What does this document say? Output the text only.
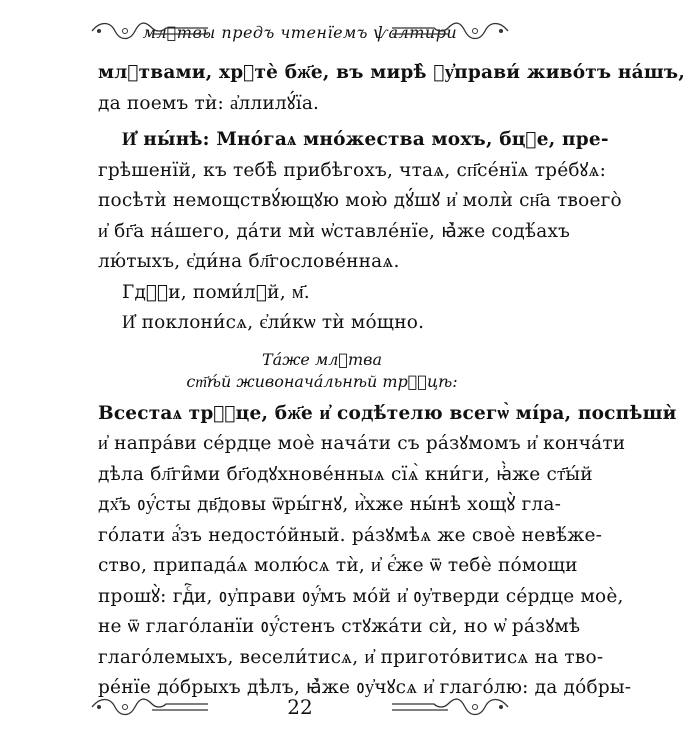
млⷮтвы предъ чтенїемъ ѱалтири
млⷮтвами, хрⷮтѐ бж҃е, въ мирѣ̀ ᲂу҆прави́ живо́тъ на́шъ,
да поемъ тѝ: а҆ллилꙋ́їа.
И҆ ны́нѣ: Мно́гаѧ мно́жества мохъ, бцⷣе, пре-
грѣшенїй, къ тебѣ̀ прибѣгохъ, чтаѧ, сп҃се́нїѧ тре́бꙋѧ:
посѣтѝ немощствꙋ́ющꙋю мою̀ дꙋ́шꙋ и҆ молѝ сн҃а твоего̀
и҆ бг҃а на́шего, да́ти мѝ ѡ҆ставле́нїе, ꙗ҆̀же содѣ́ахъ
лю́тыхъ, є҆ди́на бл҃гослове́ннаѧ.
Гдⷭ҇и, поми́лꙋй, м҃.
И҆ поклони́сѧ, є҆ли́кѡ тѝ мо́щно.
Та́же млⷮтва
ст҃ѣ́й живонача́льнѣй трⷪ҇цѣ:
Всестаѧ трⷪ҇це, бж҃е и҆ содѣ́телю всегѡ̀ мі́ра, поспѣшѝ
и҆ напра́ви се́рдце моѐ нача́ти съ ра́зꙋмомъ и҆ конча́ти
дѣла бл҃ги̑ми бг҃одꙋхнове́нныѧ сїѧ̀ кни́ги, ꙗ҆̀же ст҃ы́й
дх҃ъ ᲂу҆́сты дв҃довы ѿры́гнꙋ, и҆̀хже ны́нѣ хощꙋ̀ гла-
го́лати а҆́зъ недосто́йный. ра́зꙋмѣѧ же своѐ невѣ́же-
ство, припада́ѧ молю́сѧ тѝ, и҆ є҆́же ѿ тебѐ по́мощи
прошꙋ̀: гдⷭ҇и, ᲂу҆прави ᲂу҆́мъ мо́й и҆ ᲂу҆тверди се́рдце моѐ,
не ѿ глаго́ланїи ᲂу҆́стенъ стꙋжа́ти сѝ, но ѡ҆ ра́зꙋмѣ
глаго́лемыхъ, весели́тисѧ, и҆ пригото́витисѧ на тво-
ре́нїе до́брыхъ дѣлъ, ꙗ҆̀же ᲂу҆чꙋсѧ и҆ глаго́лю: да до́бры-
22
